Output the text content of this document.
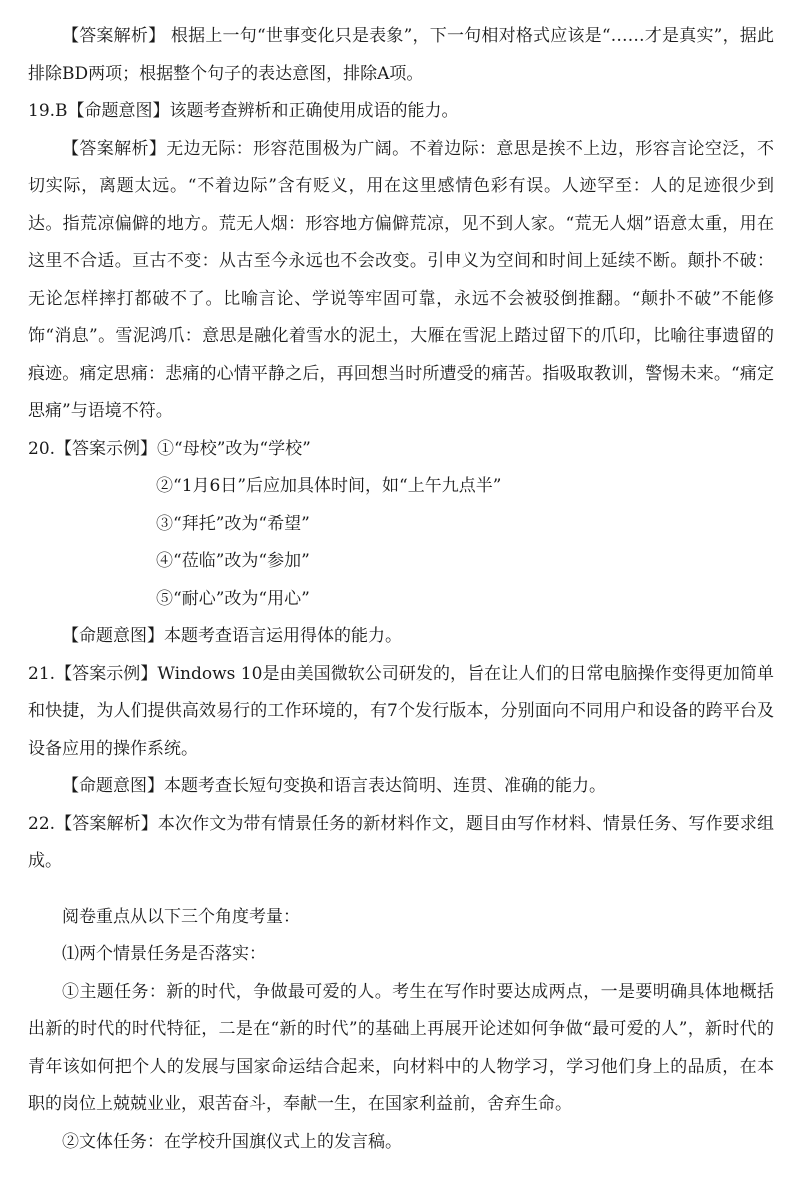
【答案解析】 根据上一句“世事变化只是表象”，下一句相对格式应该是“……才是真实”，据此排除BD两项；根据整个句子的表达意图，排除A项。

19.B【命题意图】该题考查辨析和正确使用成语的能力。

【答案解析】无边无际：形容范围极为广阔。不着边际：意思是挨不上边，形容言论空泛，不切实际，离题太远。“不着边际”含有贬义，用在这里感情色彩有误。人迹罕至：人的足迹很少到达。指荒凉偏僻的地方。荒无人烟：形容地方偏僻荒凉，见不到人家。“荒无人烟”语意太重，用在这里不合适。亘古不变：从古至今永远也不会改变。引申义为空间和时间上延续不断。颠扑不破：无论怎样摔打都破不了。比喻言论、学说等牢固可靠，永远不会被驳倒推翻。“颠扑不破”不能修饰“消息”。雪泥鸿爪：意思是融化着雪水的泥土，大雁在雪泥上踏过留下的爪印，比喻往事遗留的痕迹。痛定思痛：悲痛的心情平静之后，再回想当时所遭受的痛苦。指吸取教训，警惕未来。“痛定思痛”与语境不符。

20.【答案示例】①“母校”改为“学校”

②“1月6日”后应加具体时间，如“上午九点半”

③“拜托”改为“希望”

④“莅临”改为“参加”

⑤“耐心”改为“用心”

【命题意图】本题考查语言运用得体的能力。

21.【答案示例】Windows 10是由美国微软公司研发的，旨在让人们的日常电脑操作变得更加简单和快捷，为人们提供高效易行的工作环境的，有7个发行版本，分别面向不同用户和设备的跨平台及设备应用的操作系统。

【命题意图】本题考查长短句变换和语言表达简明、连贯、准确的能力。

22.【答案解析】本次作文为带有情景任务的新材料作文，题目由写作材料、情景任务、写作要求组成。

阅卷重点从以下三个角度考量：

⑴两个情景任务是否落实：

①主题任务：新的时代，争做最可爱的人。考生在写作时要达成两点，一是要明确具体地概括出新的时代的时代特征，二是在“新的时代”的基础上再展开论述如何争做“最可爱的人”，新时代的青年该如何把个人的发展与国家命运结合起来，向材料中的人物学习，学习他们身上的品质，在本职的岗位上兢兢业业，艰苦奋斗，奉献一生，在国家利益前，舍弃生命。

②文体任务：在学校升国旗仪式上的发言稿。
